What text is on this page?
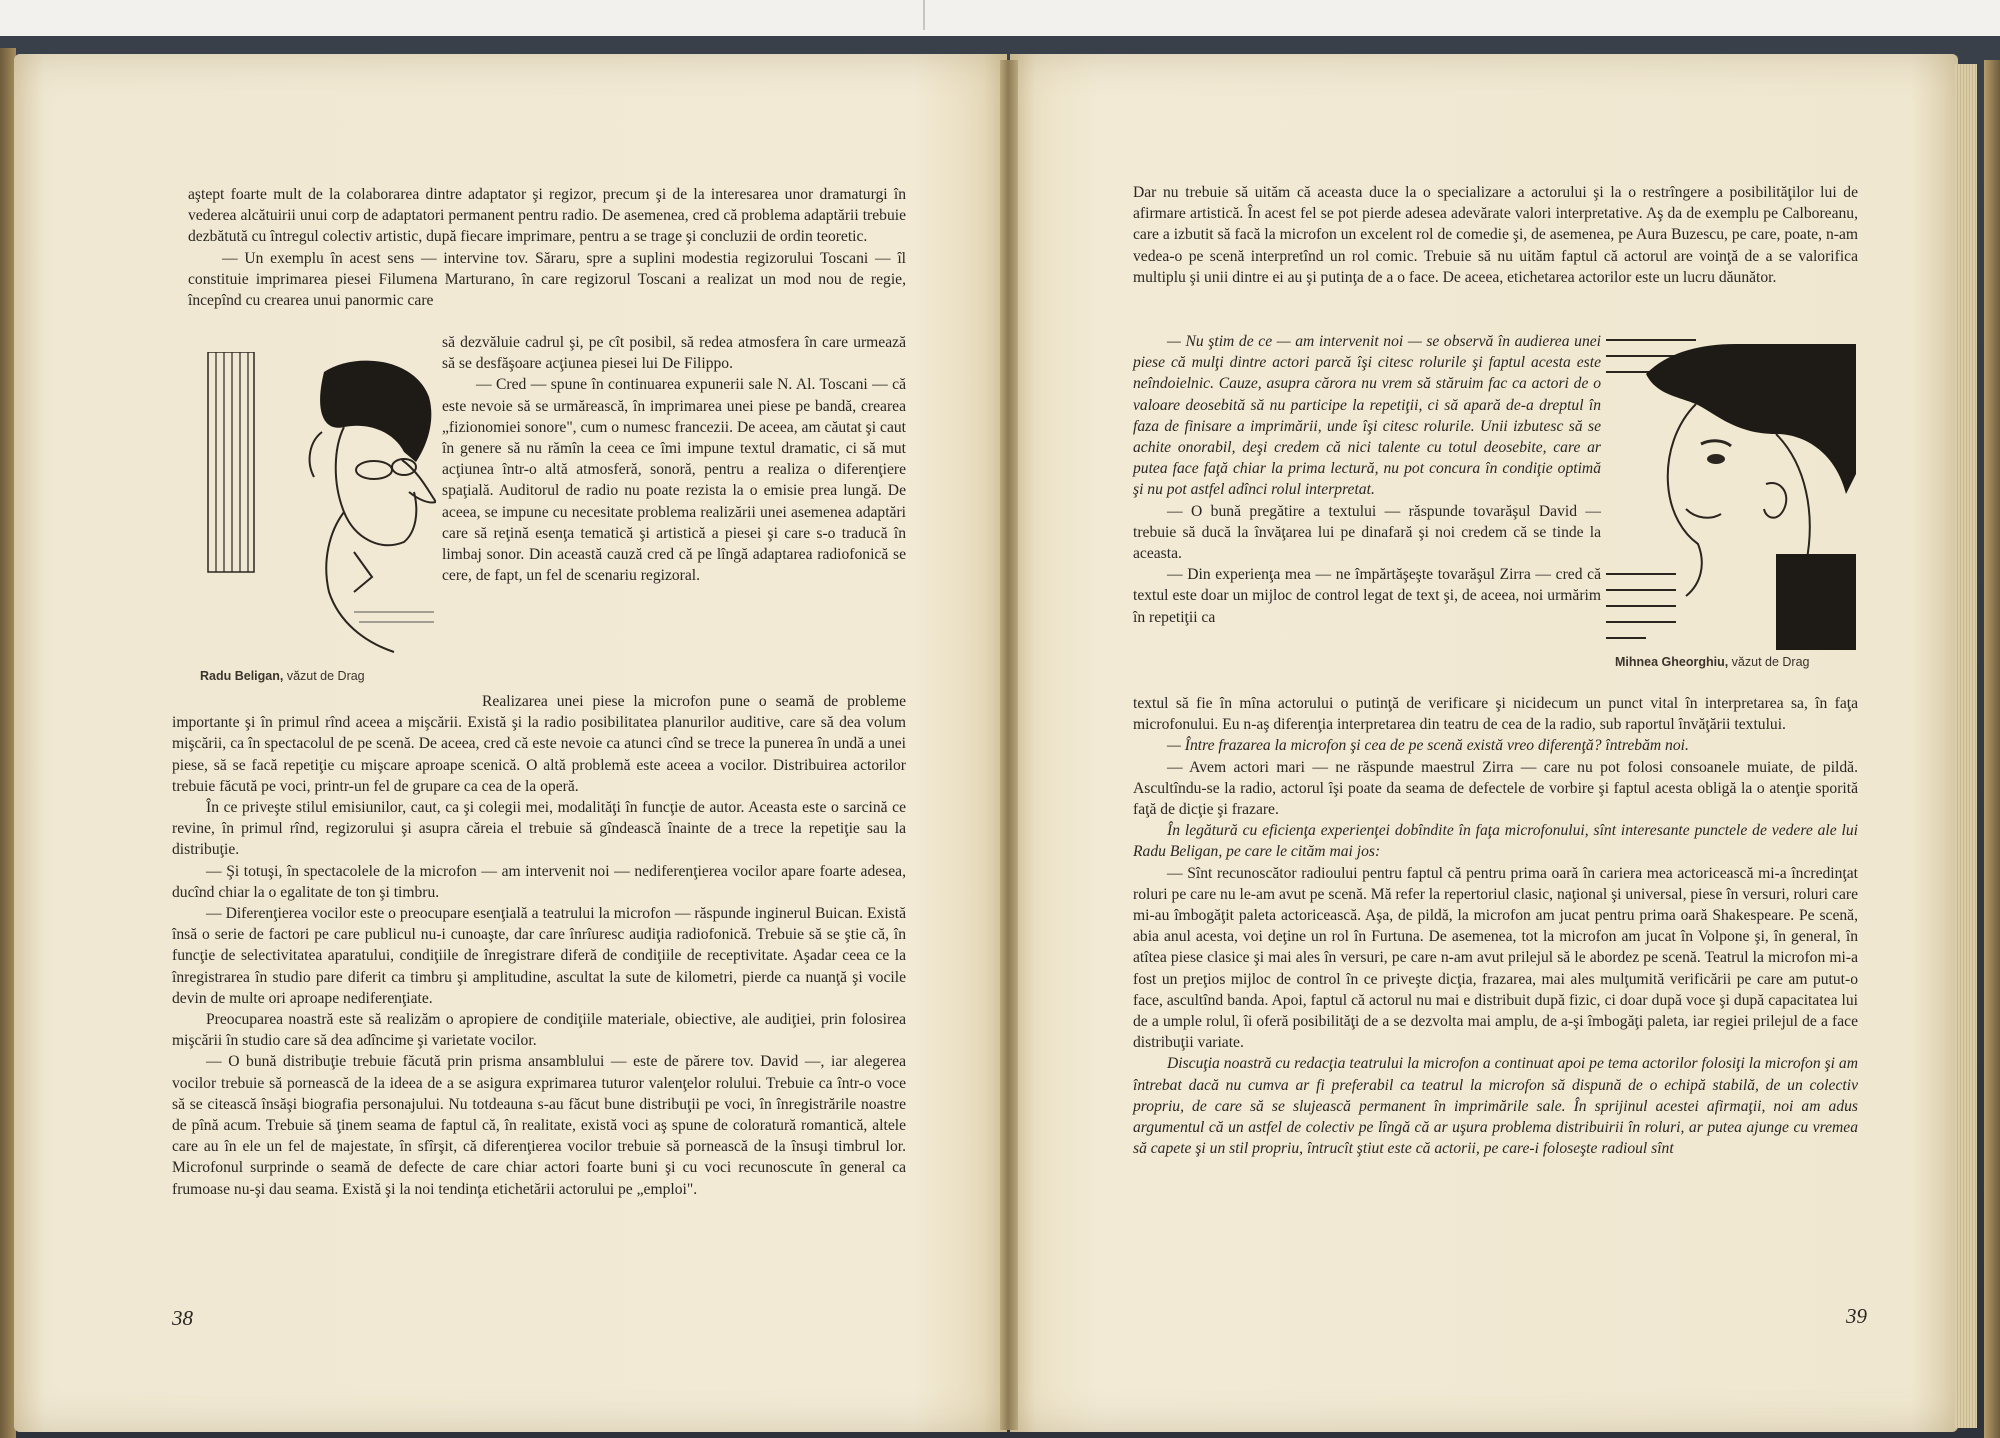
aştept foarte mult de la colaborarea dintre adaptator şi regizor, precum şi de la interesarea unor dramaturgi în vederea alcătuirii unui corp de adaptatori permanent pentru radio. De asemenea, cred că problema adaptării trebuie dezbătută cu întregul colectiv artistic, după fiecare imprimare, pentru a se trage şi concluzii de ordin teoretic.

— Un exemplu în acest sens — intervine tov. Săraru, spre a suplini modestia regizorului Toscani — îl constituie imprimarea piesei Filumena Marturano, în care regizorul Toscani a realizat un mod nou de regie, începînd cu crearea unui panormic care

să dezvăluie cadrul şi, pe cît posibil, să redea atmosfera în care urmează să se desfăşoare acţiunea piesei lui De Filippo.

— Cred — spune în continuarea expunerii sale N. Al. Toscani — că este nevoie să se urmărească, în imprimarea unei piese pe bandă, crearea „fizionomiei sonore", cum o numesc francezii. De aceea, am căutat şi caut în genere să nu rămîn la ceea ce îmi impune textul dramatic, ci să mut acţiunea într-o altă atmosferă, sonoră, pentru a realiza o diferenţiere spaţială. Auditorul de radio nu poate rezista la o emisie prea lungă. De aceea, se impune cu necesitate problema realizării unei asemenea adaptări care să reţină esenţa tematică şi artistică a piesei şi care s-o traducă în limbaj sonor. Din această cauză cred că pe lîngă adaptarea radiofonică se cere, de fapt, un fel de scenariu regizoral.

Radu Beligan, văzut de Drag

Realizarea unei piese la microfon pune o seamă de probleme importante şi în primul rînd aceea a mişcării. Există şi la radio posibilitatea planurilor auditive, care să dea volum mişcării, ca în spectacolul de pe scenă. De aceea, cred că este nevoie ca atunci cînd se trece la punerea în undă a unei piese, să se facă repetiţie cu mişcare aproape scenică. O altă problemă este aceea a vocilor. Distribuirea actorilor trebuie făcută pe voci, printr-un fel de grupare ca cea de la operă.

În ce priveşte stilul emisiunilor, caut, ca şi colegii mei, modalităţi în funcţie de autor. Aceasta este o sarcină ce revine, în primul rînd, regizorului şi asupra căreia el trebuie să gîndească înainte de a trece la repetiţie sau la distribuţie.

— Şi totuşi, în spectacolele de la microfon — am intervenit noi — nediferenţierea vocilor apare foarte adesea, ducînd chiar la o egalitate de ton şi timbru.

— Diferenţierea vocilor este o preocupare esenţială a teatrului la microfon — răspunde inginerul Buican. Există însă o serie de factori pe care publicul nu-i cunoaşte, dar care înrîuresc audiţia radiofonică. Trebuie să se ştie că, în funcţie de selectivitatea aparatului, condiţiile de înregistrare diferă de condiţiile de receptivitate. Aşadar ceea ce la înregistrarea în studio pare diferit ca timbru şi amplitudine, ascultat la sute de kilometri, pierde ca nuanţă şi vocile devin de multe ori aproape nediferenţiate.

Preocuparea noastră este să realizăm o apropiere de condiţiile materiale, obiective, ale audiţiei, prin folosirea mişcării în studio care să dea adîncime şi varietate vocilor.

— O bună distribuţie trebuie făcută prin prisma ansamblului — este de părere tov. David —, iar alegerea vocilor trebuie să pornească de la ideea de a se asigura exprimarea tuturor valenţelor rolului. Trebuie ca într-o voce să se citească însăşi biografia personajului. Nu totdeauna s-au făcut bune distribuţii pe voci, în înregistrările noastre de pînă acum. Trebuie să ţinem seama de faptul că, în realitate, există voci aş spune de coloratură romantică, altele care au în ele un fel de majestate, în sfîrşit, că diferenţierea vocilor trebuie să pornească de la însuşi timbrul lor. Microfonul surprinde o seamă de defecte de care chiar actori foarte buni şi cu voci recunoscute în general ca frumoase nu-şi dau seama. Există şi la noi tendinţa etichetării actorului pe „emploi".

38

Dar nu trebuie să uităm că aceasta duce la o specializare a actorului şi la o restrîngere a posibilităţilor lui de afirmare artistică. În acest fel se pot pierde adesea adevărate valori interpretative. Aş da de exemplu pe Calboreanu, care a izbutit să facă la microfon un excelent rol de comedie şi, de asemenea, pe Aura Buzescu, pe care, poate, n-am vedea-o pe scenă interpretînd un rol comic. Trebuie să nu uităm faptul că actorul are voinţă de a se valorifica multiplu şi unii dintre ei au şi putinţa de a o face. De aceea, etichetarea actorilor este un lucru dăunător.

— Nu ştim de ce — am intervenit noi — se observă în audierea unei piese că mulţi dintre actori parcă îşi citesc rolurile şi faptul acesta este neîndoielnic. Cauze, asupra cărora nu vrem să stăruim fac ca actori de o valoare deosebită să nu participe la repetiţii, ci să apară de-a dreptul în faza de finisare a imprimării, unde îşi citesc rolurile. Unii izbutesc să se achite onorabil, deşi credem că nici talente cu totul deosebite, care ar putea face faţă chiar la prima lectură, nu pot concura în condiţie optimă şi nu pot astfel adînci rolul interpretat.

— O bună pregătire a textului — răspunde tovarăşul David — trebuie să ducă la învăţarea lui pe dinafară şi noi credem că se tinde la aceasta.

— Din experienţa mea — ne împărtăşeşte tovarăşul Zirra — cred că textul este doar un mijloc de control legat de text şi, de aceea, noi urmărim în repetiţii ca

Mihnea Gheorghiu, văzut de Drag

textul să fie în mîna actorului o putinţă de verificare şi nicidecum un punct vital în interpretarea sa, în faţa microfonului. Eu n-aş diferenţia interpretarea din teatru de cea de la radio, sub raportul învăţării textului.

— Între frazarea la microfon şi cea de pe scenă există vreo diferenţă? întrebăm noi.

— Avem actori mari — ne răspunde maestrul Zirra — care nu pot folosi consoanele muiate, de pildă. Ascultîndu-se la radio, actorul îşi poate da seama de defectele de vorbire şi faptul acesta obligă la o atenţie sporită faţă de dicţie şi frazare.

În legătură cu eficienţa experienţei dobîndite în faţa microfonului, sînt interesante punctele de vedere ale lui Radu Beligan, pe care le cităm mai jos:

— Sînt recunoscător radioului pentru faptul că pentru prima oară în cariera mea actoricească mi-a încredinţat roluri pe care nu le-am avut pe scenă. Mă refer la repertoriul clasic, naţional şi universal, piese în versuri, roluri care mi-au îmbogăţit paleta actoricească. Aşa, de pildă, la microfon am jucat pentru prima oară Shakespeare. Pe scenă, abia anul acesta, voi deţine un rol în Furtuna. De asemenea, tot la microfon am jucat în Volpone şi, în general, în atîtea piese clasice şi mai ales în versuri, pe care n-am avut prilejul să le abordez pe scenă. Teatrul la microfon mi-a fost un preţios mijloc de control în ce priveşte dicţia, frazarea, mai ales mulţumită verificării pe care am putut-o face, ascultînd banda. Apoi, faptul că actorul nu mai e distribuit după fizic, ci doar după voce şi după capacitatea lui de a umple rolul, îi oferă posibilităţi de a se dezvolta mai amplu, de a-şi îmbogăţi paleta, iar regiei prilejul de a face distribuţii variate.

Discuţia noastră cu redacţia teatrului la microfon a continuat apoi pe tema actorilor folosiţi la microfon şi am întrebat dacă nu cumva ar fi preferabil ca teatrul la microfon să dispună de o echipă stabilă, de un colectiv propriu, de care să se slujească permanent în imprimările sale. În sprijinul acestei afirmaţii, noi am adus argumentul că un astfel de colectiv pe lîngă că ar uşura problema distribuirii în roluri, ar putea ajunge cu vremea să capete şi un stil propriu, întrucît ştiut este că actorii, pe care-i foloseşte radioul sînt

39
